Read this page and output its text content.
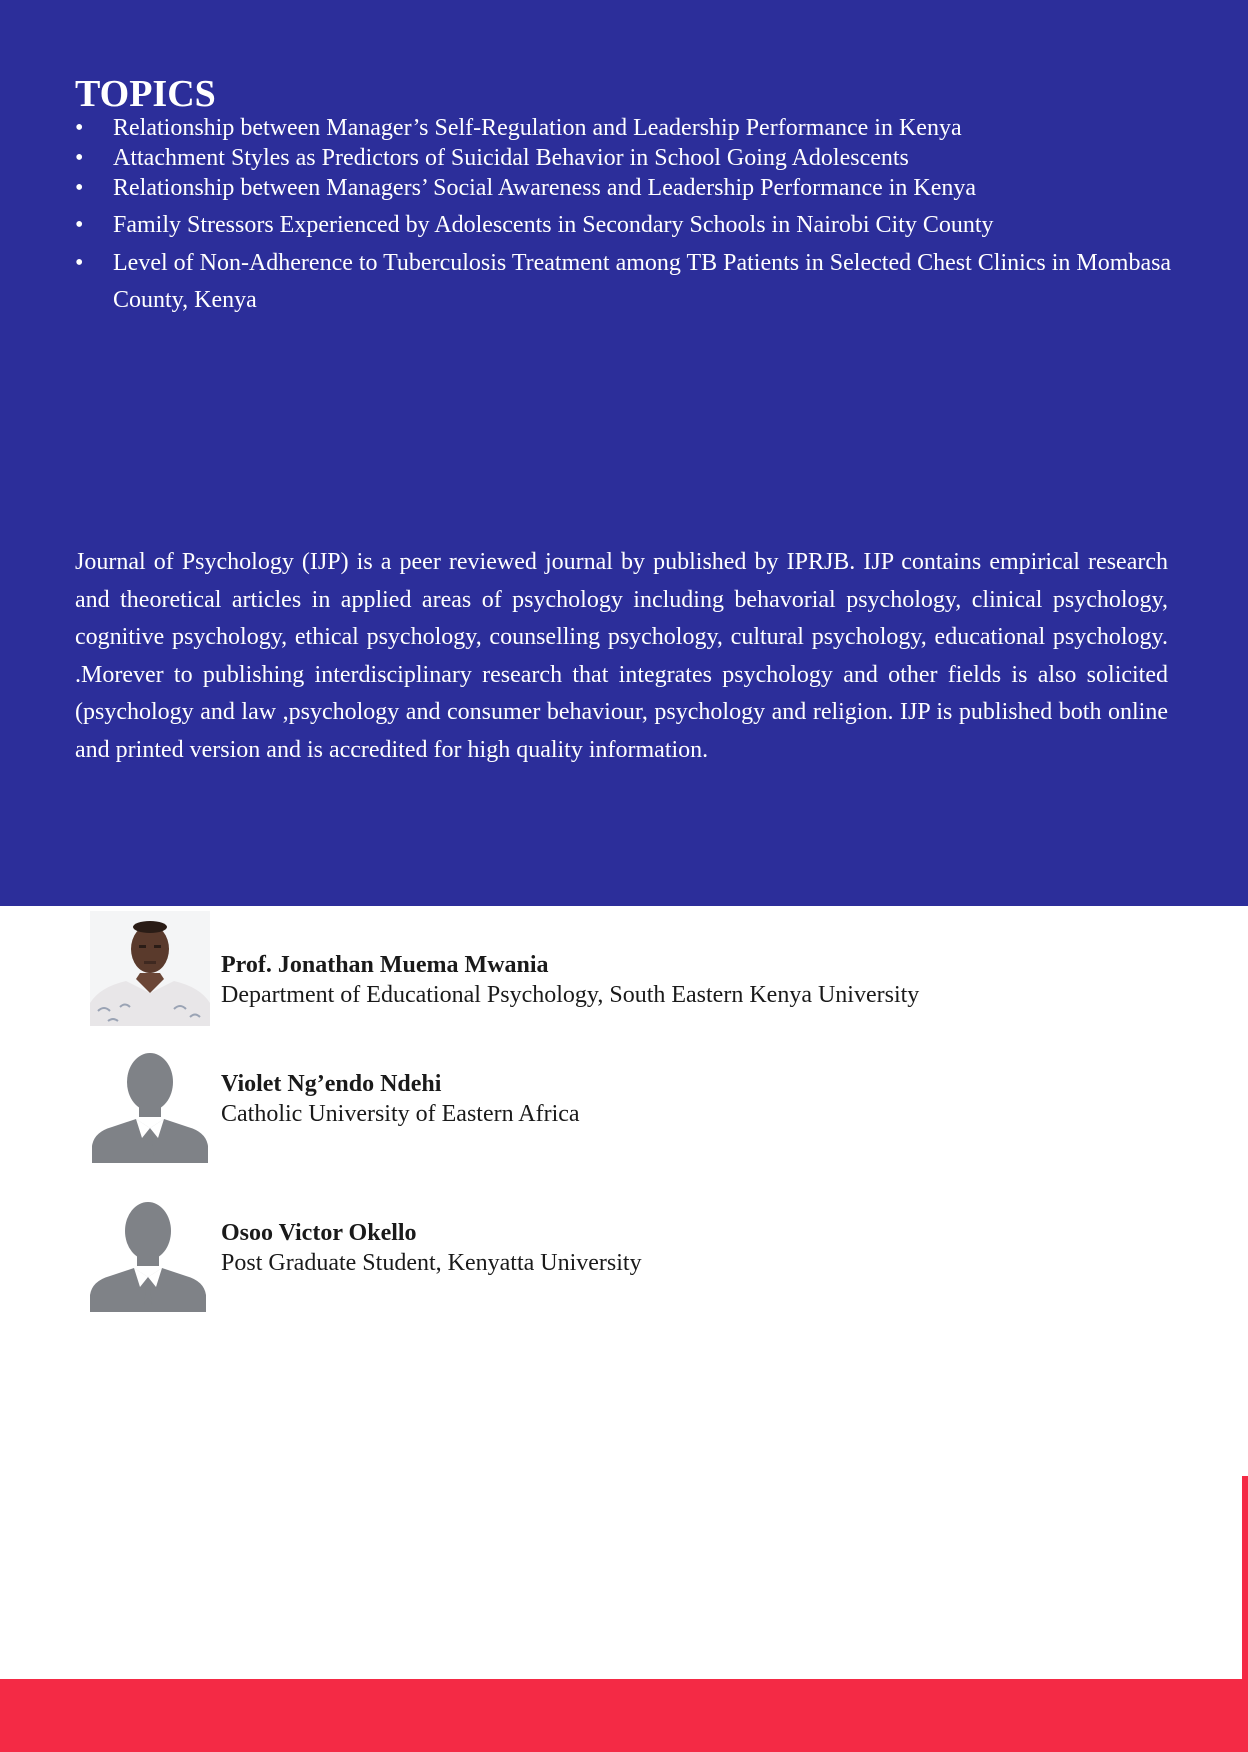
TOPICS
•	Relationship between Manager’s Self-Regulation and Leadership Performance in Kenya
•	Attachment Styles as Predictors of Suicidal Behavior in School Going Adolescents
•	Relationship between Managers’ Social Awareness and Leadership Performance in Kenya
•	Family Stressors Experienced by Adolescents in Secondary Schools in Nairobi City County
•	Level of Non-Adherence to Tuberculosis Treatment among TB Patients in Selected Chest Clinics in Mombasa County, Kenya

Journal of Psychology (IJP) is a peer reviewed journal by published by IPRJB. IJP contains empirical research and theoretical articles in applied areas of psychology including behavorial psychology, clinical psychology, cognitive psychology, ethical psychology, counselling psychology, cultural psychology, educational psychology. .Morever to publishing interdisciplinary research that integrates psychology and other fields is also solicited (psychology and law ,psychology and consumer behaviour, psychology and religion. IJP is published both online and printed version and is accredited for high quality information.

Prof. Jonathan Muema Mwania

Department of Educational Psychology, South Eastern Kenya University

Violet Ng’endo Ndehi

Catholic University of Eastern Africa

Osoo Victor Okello

Post Graduate Student, Kenyatta University
